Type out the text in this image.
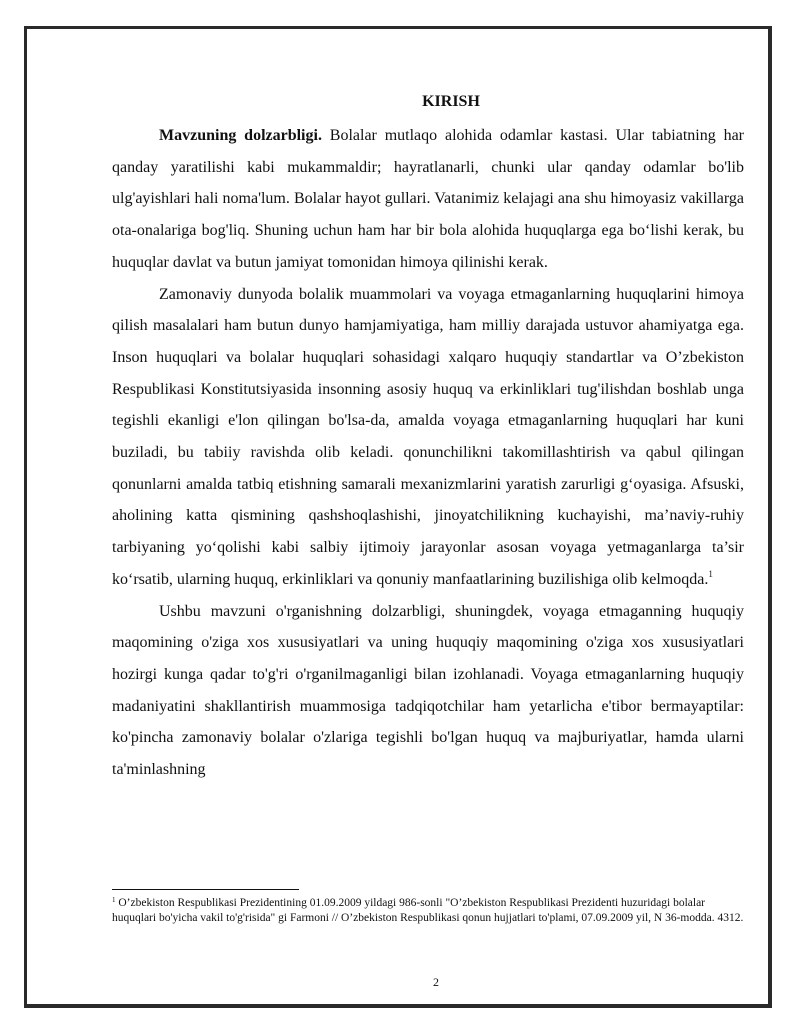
KIRISH

Mavzuning dolzarbligi. Bolalar mutlaqo alohida odamlar kastasi. Ular tabiatning har qanday yaratilishi kabi mukammaldir; hayratlanarli, chunki ular qanday odamlar bo'lib ulg'ayishlari hali noma'lum. Bolalar hayot gullari. Vatanimiz kelajagi ana shu himoyasiz vakillarga ota-onalariga bog'liq. Shuning uchun ham har bir bola alohida huquqlarga ega bo‘lishi kerak, bu huquqlar davlat va butun jamiyat tomonidan himoya qilinishi kerak.

Zamonaviy dunyoda bolalik muammolari va voyaga etmaganlarning huquqlarini himoya qilish masalalari ham butun dunyo hamjamiyatiga, ham milliy darajada ustuvor ahamiyatga ega. Inson huquqlari va bolalar huquqlari sohasidagi xalqaro huquqiy standartlar va O’zbekiston Respublikasi Konstitutsiyasida insonning asosiy huquq va erkinliklari tug'ilishdan boshlab unga tegishli ekanligi e'lon qilingan bo'lsa-da, amalda voyaga etmaganlarning huquqlari har kuni buziladi, bu tabiiy ravishda olib keladi. qonunchilikni takomillashtirish va qabul qilingan qonunlarni amalda tatbiq etishning samarali mexanizmlarini yaratish zarurligi g‘oyasiga. Afsuski, aholining katta qismining qashshoqlashishi, jinoyatchilikning kuchayishi, ma’naviy-ruhiy tarbiyaning yo‘qolishi kabi salbiy ijtimoiy jarayonlar asosan voyaga yetmaganlarga ta’sir ko‘rsatib, ularning huquq, erkinliklari va qonuniy manfaatlarining buzilishiga olib kelmoqda.$^1$

Ushbu mavzuni o'rganishning dolzarbligi, shuningdek, voyaga etmaganning huquqiy maqomining o'ziga xos xususiyatlari va uning huquqiy maqomining o'ziga xos xususiyatlari hozirgi kunga qadar to'g'ri o'rganilmaganligi bilan izohlanadi. Voyaga etmaganlarning huquqiy madaniyatini shakllantirish muammosiga tadqiqotchilar ham yetarlicha e'tibor bermayaptilar: ko'pincha zamonaviy bolalar o'zlariga tegishli bo'lgan huquq va majburiyatlar, hamda ularni ta'minlashning

$^1$ O’zbekiston Respublikasi Prezidentining 01.09.2009 yildagi 986-sonli "O’zbekiston Respublikasi Prezidenti huzuridagi bolalar huquqlari bo'yicha vakil to'g'risida" gi Farmoni // O’zbekiston Respublikasi qonun hujjatlari to'plami, 07.09.2009 yil, N 36-modda. 4312.
2
